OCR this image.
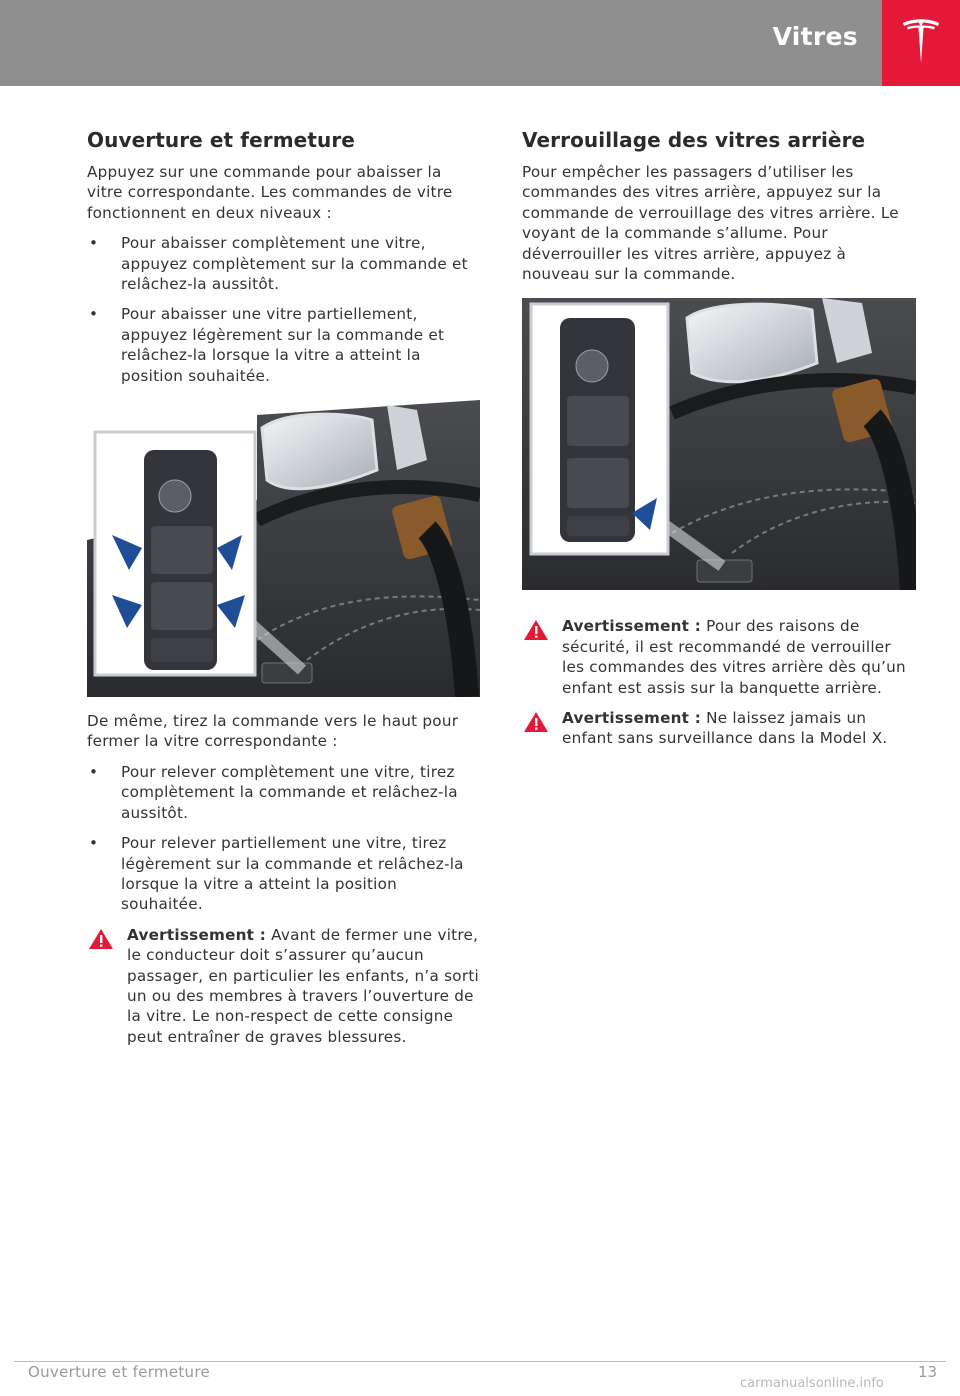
Vitres
Ouverture et fermeture

Appuyez sur une commande pour abaisser la vitre correspondante. Les commandes de vitre fonctionnent en deux niveaux :

• Pour abaisser complètement une vitre, appuyez complètement sur la commande et relâchez-la aussitôt.
• Pour abaisser une vitre partiellement, appuyez légèrement sur la commande et relâchez-la lorsque la vitre a atteint la position souhaitée.

De même, tirez la commande vers le haut pour fermer la vitre correspondante :

• Pour relever complètement une vitre, tirez complètement la commande et relâchez-la aussitôt.
• Pour relever partiellement une vitre, tirez légèrement sur la commande et relâchez-la lorsque la vitre a atteint la position souhaitée.
Avertissement : Avant de fermer une vitre, le conducteur doit s’assurer qu’aucun passager, en particulier les enfants, n’a sorti un ou des membres à travers l’ouverture de la vitre. Le non-respect de cette consigne peut entraîner de graves blessures.
Verrouillage des vitres arrière

Pour empêcher les passagers d’utiliser les commandes des vitres arrière, appuyez sur la commande de verrouillage des vitres arrière. Le voyant de la commande s’allume. Pour déverrouiller les vitres arrière, appuyez à nouveau sur la commande.

Avertissement : Pour des raisons de sécurité, il est recommandé de verrouiller les commandes des vitres arrière dès qu’un enfant est assis sur la banquette arrière.
Avertissement : Ne laissez jamais un enfant sans surveillance dans la Model X.
Ouverture et fermeture	13
carmanualsonline.info
